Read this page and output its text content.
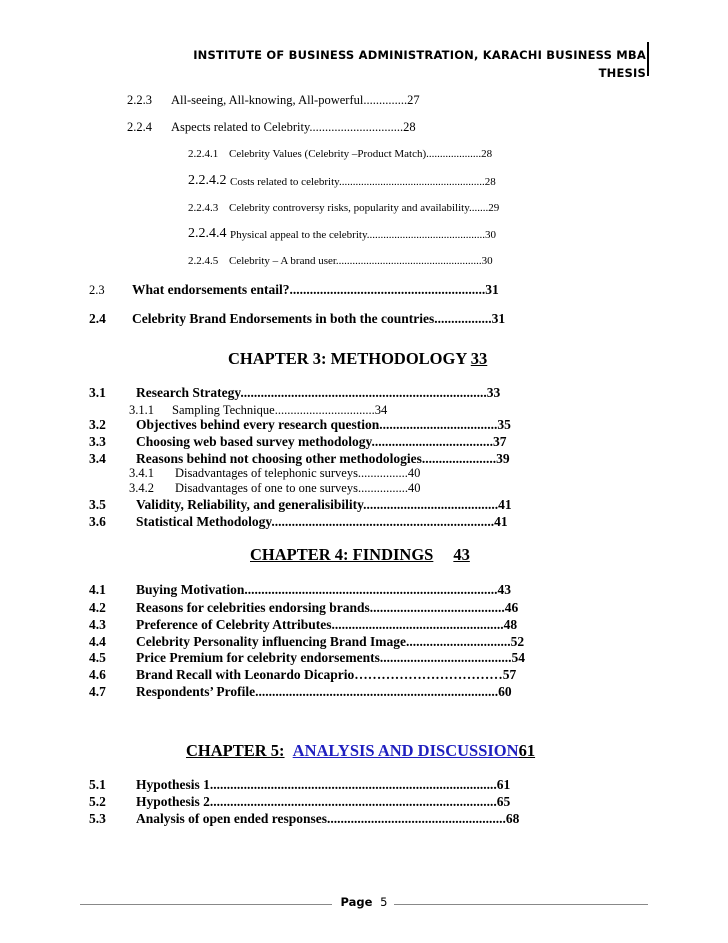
INSTITUTE OF BUSINESS ADMINISTRATION, KARACHI BUSINESS MBA
THESIS
2.2.3 All-seeing, All-knowing, All-powerful..............27
2.2.4 Aspects related to Celebrity..............................28
2.2.4.1 Celebrity Values (Celebrity –Product Match)....................28
2.2.4.2 Costs related to celebrity.....................................................28
2.2.4.3 Celebrity controversy risks, popularity and availability.......29
2.2.4.4 Physical appeal to the celebrity...........................................30
2.2.4.5 Celebrity – A brand user.....................................................30
2.3 What endorsements entail?..........................................................31
2.4 Celebrity Brand Endorsements in both the countries.................31
CHAPTER 3: METHODOLOGY 33
3.1 Research Strategy.........................................................................33
3.1.1 Sampling Technique................................34
3.2 Objectives behind every research question...................................35
3.3 Choosing web based survey methodology....................................37
3.4 Reasons behind not choosing other methodologies......................39
3.4.1 Disadvantages of telephonic surveys................40
3.4.2 Disadvantages of one to one surveys................40
3.5 Validity, Reliability, and generalisibility........................................41
3.6 Statistical Methodology..................................................................41
CHAPTER 4: FINDINGS 43
4.1 Buying Motivation...........................................................................43
4.2 Reasons for celebrities endorsing brands........................................46
4.3 Preference of Celebrity Attributes...................................................48
4.4 Celebrity Personality influencing Brand Image...............................52
4.5 Price Premium for celebrity endorsements.......................................54
4.6 Brand Recall with Leonardo Dicaprio……………………………57
4.7 Respondents’ Profile........................................................................60
CHAPTER 5: ANALYSIS AND DISCUSSION61
5.1 Hypothesis 1.....................................................................................61
5.2 Hypothesis 2.....................................................................................65
5.3 Analysis of open ended responses.....................................................68
Page 5
